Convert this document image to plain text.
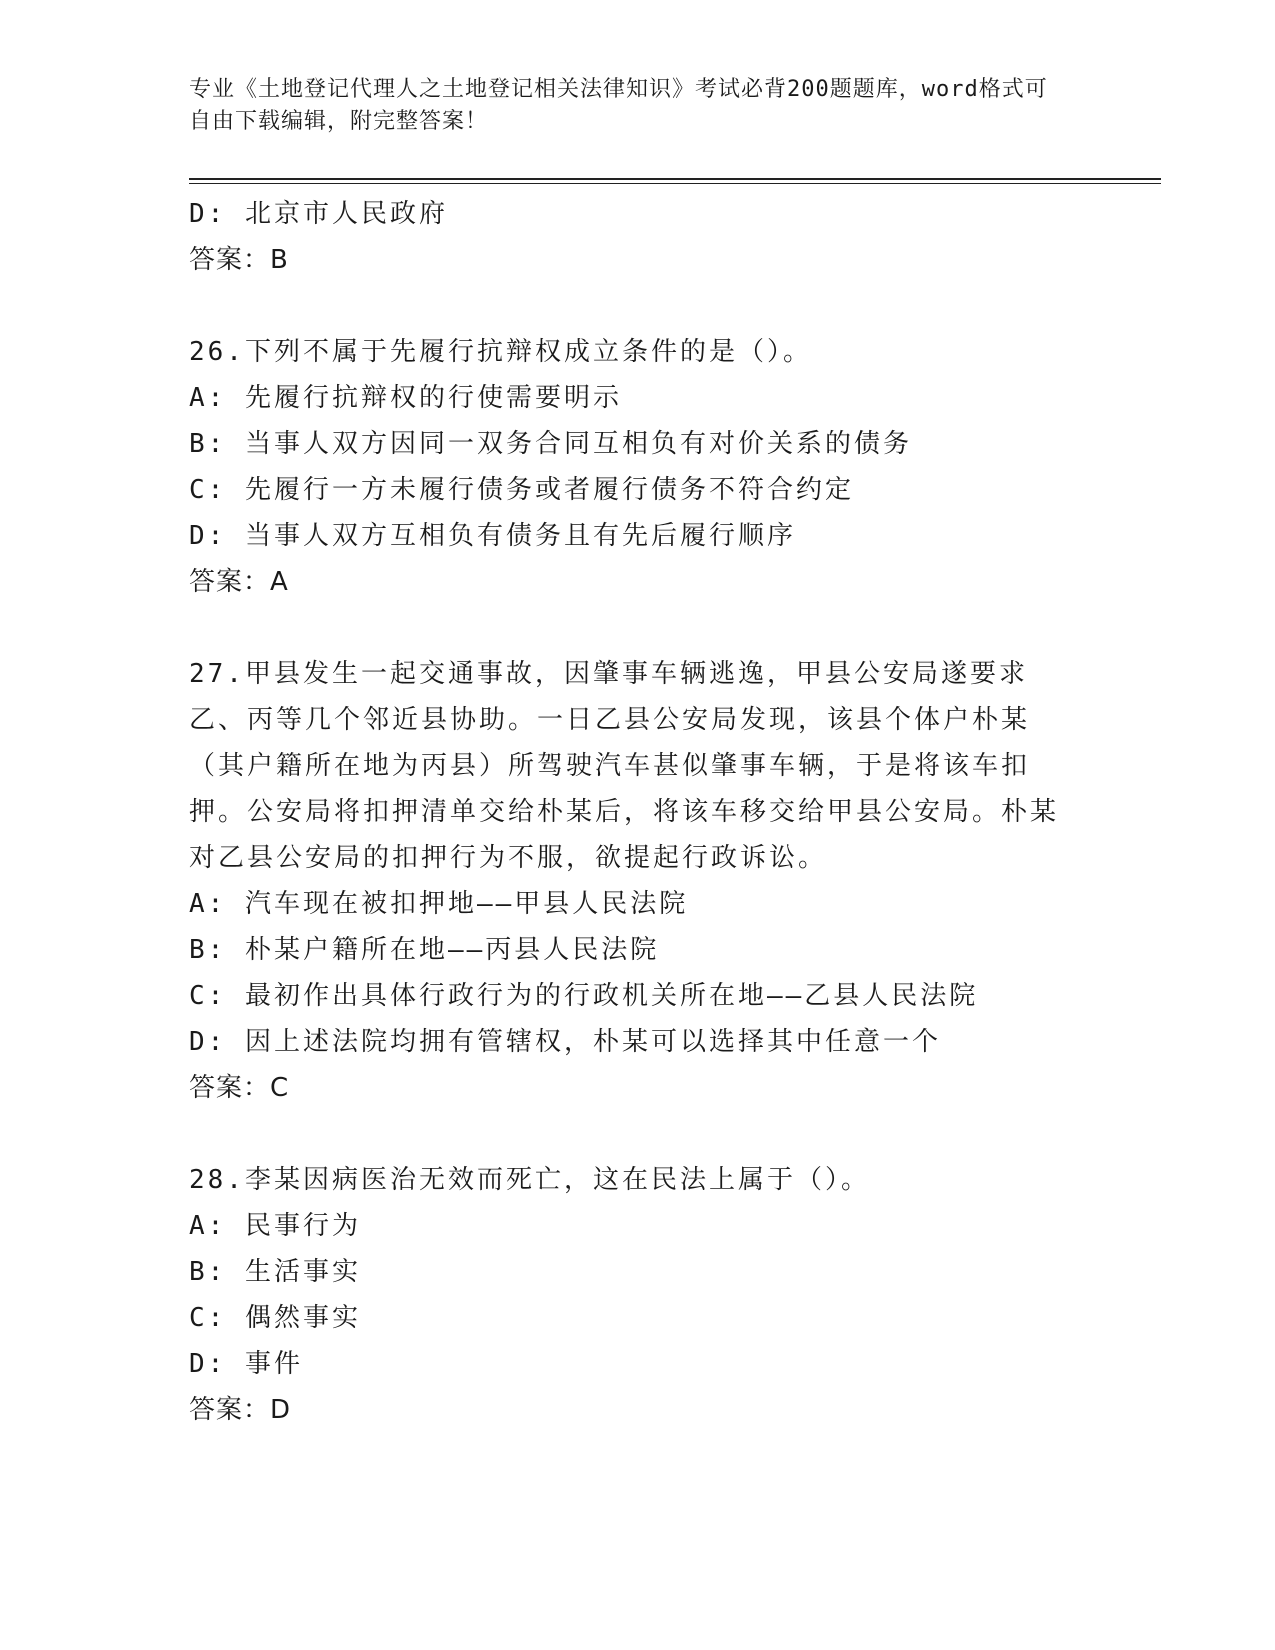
专业《土地登记代理人之土地登记相关法律知识》考试必背200题题库，word格式可自由下载编辑，附完整答案！
D: 北京市人民政府
答案：B
26.下列不属于先履行抗辩权成立条件的是（）。
A: 先履行抗辩权的行使需要明示
B: 当事人双方因同一双务合同互相负有对价关系的债务
C: 先履行一方未履行债务或者履行债务不符合约定
D: 当事人双方互相负有债务且有先后履行顺序
答案：A
27.甲县发生一起交通事故，因肇事车辆逃逸，甲县公安局遂要求乙、丙等几个邻近县协助。一日乙县公安局发现，该县个体户朴某（其户籍所在地为丙县）所驾驶汽车甚似肇事车辆，于是将该车扣押。公安局将扣押清单交给朴某后，将该车移交给甲县公安局。朴某对乙县公安局的扣押行为不服，欲提起行政诉讼。
A: 汽车现在被扣押地——甲县人民法院
B: 朴某户籍所在地——丙县人民法院
C: 最初作出具体行政行为的行政机关所在地——乙县人民法院
D: 因上述法院均拥有管辖权，朴某可以选择其中任意一个
答案：C
28.李某因病医治无效而死亡，这在民法上属于（）。
A: 民事行为
B: 生活事实
C: 偶然事实
D: 事件
答案：D
